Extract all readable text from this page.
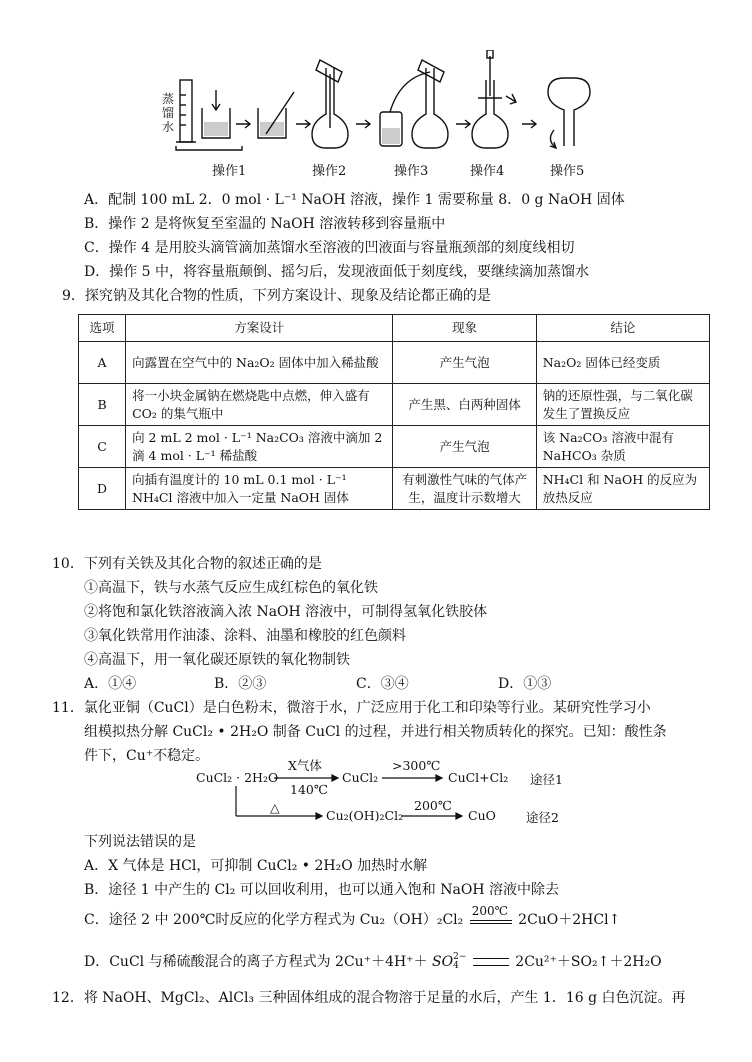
蒸
馏
水
操作1	操作2	操作3	操作4	操作5
A．配制 100 mL 2．0 mol · L⁻¹ NaOH 溶液，操作 1 需要称量 8．0 g NaOH 固体
B．操作 2 是将恢复至室温的 NaOH 溶液转移到容量瓶中
C．操作 4 是用胶头滴管滴加蒸馏水至溶液的凹液面与容量瓶颈部的刻度线相切
D．操作 5 中，将容量瓶颠倒、摇匀后，发现液面低于刻度线，要继续滴加蒸馏水
9．探究钠及其化合物的性质，下列方案设计、现象及结论都正确的是
选项	方案设计	现象	结论
A	向露置在空气中的 Na₂O₂ 固体中加入稀盐酸	产生气泡	Na₂O₂ 固体已经变质
B	将一小块金属钠在燃烧匙中点燃，伸入盛有 CO₂ 的集气瓶中	产生黑、白两种固体	钠的还原性强，与二氧化碳发生了置换反应
C	向 2 mL 2 mol · L⁻¹ Na₂CO₃ 溶液中滴加 2 滴 4 mol · L⁻¹ 稀盐酸	产生气泡	该 Na₂CO₃ 溶液中混有 NaHCO₃ 杂质
D	向插有温度计的 10 mL 0.1 mol · L⁻¹ NH₄Cl 溶液中加入一定量 NaOH 固体	有刺激性气味的气体产生，温度计示数增大	NH₄Cl 和 NaOH 的反应为放热反应
10．下列有关铁及其化合物的叙述正确的是
①高温下，铁与水蒸气反应生成红棕色的氧化铁
②将饱和氯化铁溶液滴入浓 NaOH 溶液中，可制得氢氧化铁胶体
③氧化铁常用作油漆、涂料、油墨和橡胶的红色颜料
④高温下，用一氧化碳还原铁的氧化物制铁
A．①④	B．②③	C．③④	D．①③
11．氯化亚铜（CuCl）是白色粉末，微溶于水，广泛应用于化工和印染等行业。某研究性学习小
组模拟热分解 CuCl₂ • 2H₂O 制备 CuCl 的过程，并进行相关物质转化的探究。已知：酸性条
件下，Cu⁺不稳定。
CuCl₂ · 2H₂O
X气体
140℃
CuCl₂
>300℃
CuCl+Cl₂ 途径1
△
Cu₂(OH)₂Cl₂
200℃
CuO 途径2
下列说法错误的是
A．X 气体是 HCl，可抑制 CuCl₂ • 2H₂O 加热时水解
B．途径 1 中产生的 Cl₂ 可以回收利用，也可以通入饱和 NaOH 溶液中除去
C．途径 2 中 200℃时反应的化学方程式为 Cu₂（OH）₂Cl₂
200℃
2CuO＋2HCl↑
D．CuCl 与稀硫酸混合的离子方程式为 2Cu⁺＋4H⁺＋ SO 2−
4	2Cu²⁺＋SO₂↑＋2H₂O
12．将 NaOH、MgCl₂、AlCl₃ 三种固体组成的混合物溶于足量的水后，产生 1．16 g 白色沉淀。再
